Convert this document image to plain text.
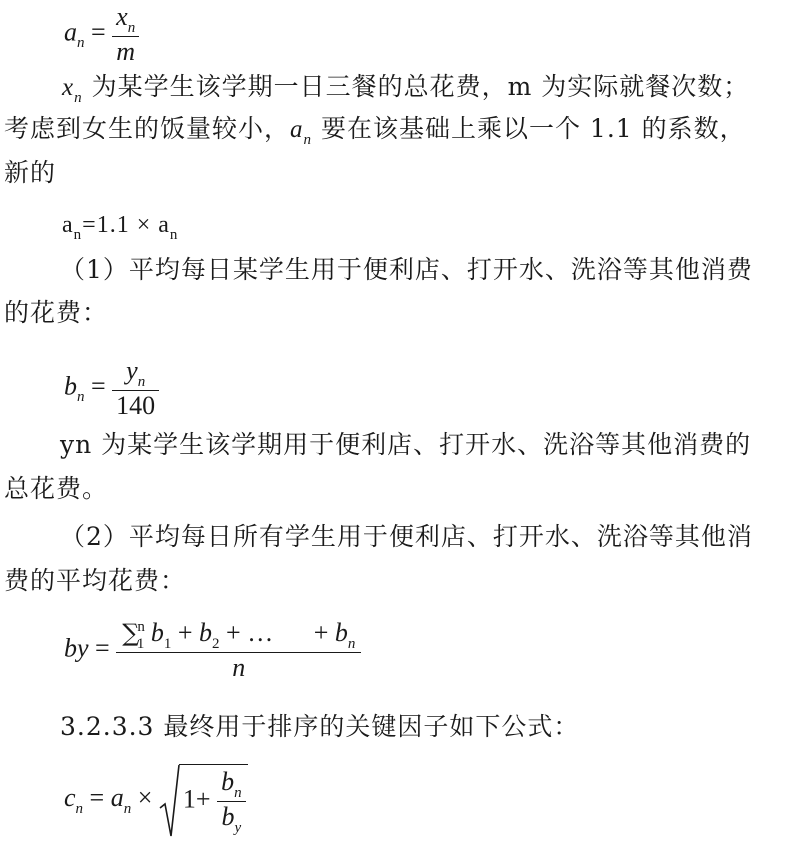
$a_n = \frac{x_n}{m}$
$x_n$ 为某学生该学期一日三餐的总花费，m 为实际就餐次数；
考虑到女生的饭量较小，$a_n$ 要在该基础上乘以一个 1.1 的系数，
新的
$a_n=1.1 \times a_n$
（1）平均每日某学生用于便利店、打开水、洗浴等其他消费
的花费：
$b_n = \frac{y_n}{140}$
yn 为某学生该学期用于便利店、打开水、洗浴等其他消费的
总花费。
（2）平均每日所有学生用于便利店、打开水、洗浴等其他消
费的平均花费：
by =
∑$^n_1$ $b_1 + b_2$ + … + $b_n$
n
3.2.3.3 最终用于排序的关键因子如下公式：
$c_n = a_n \times 1+ \frac{b_n}{b_y}$
